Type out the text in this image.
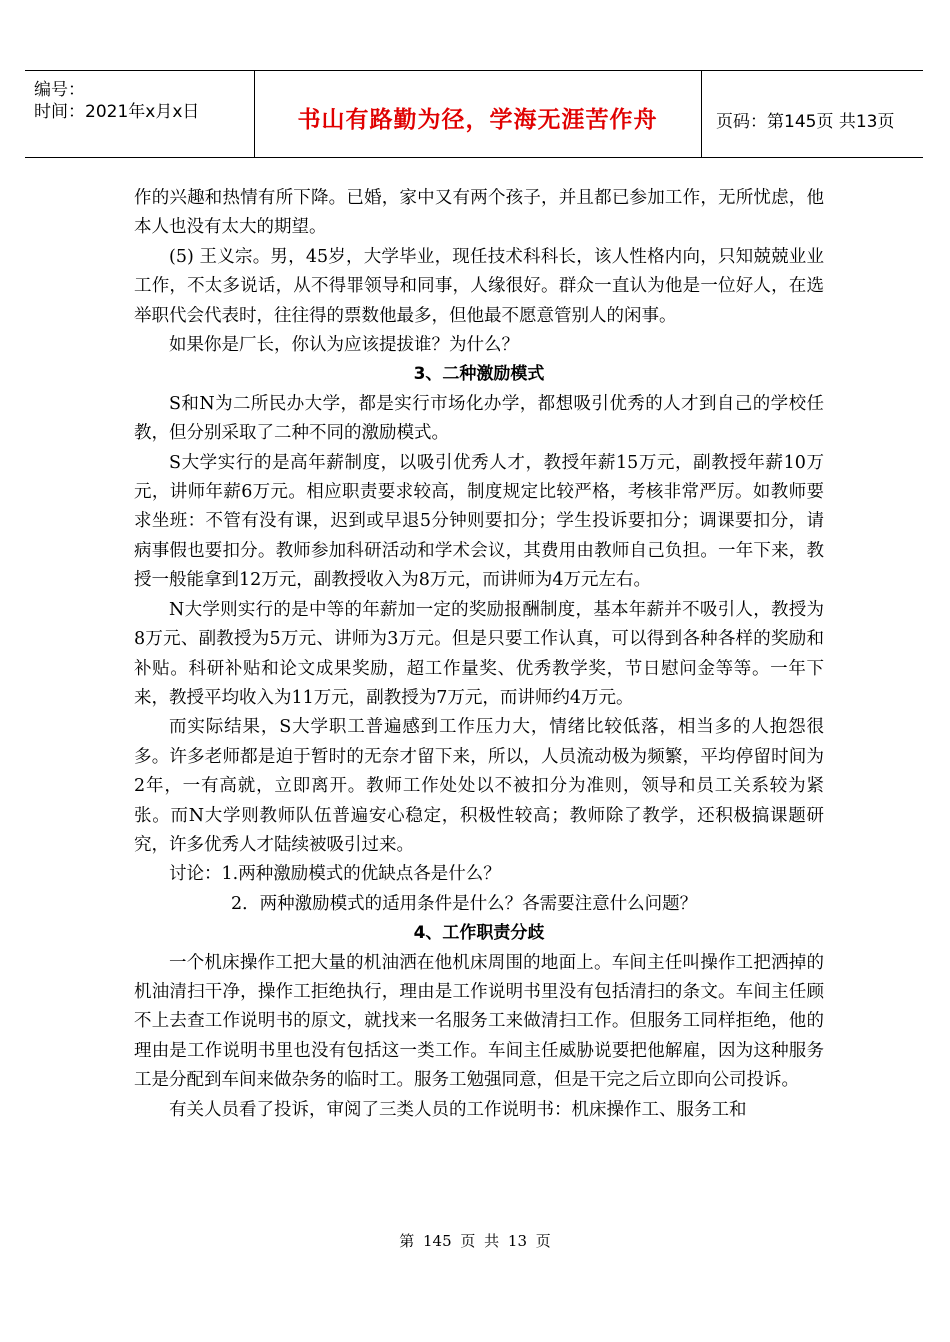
编号：
时间：2021年x月x日	书山有路勤为径，学海无涯苦作舟	页码：第145页 共13页

作的兴趣和热情有所下降。已婚，家中又有两个孩子，并且都已参加工作，无所忧虑，他本人也没有太大的期望。

(5) 王义宗。男，45岁，大学毕业，现任技术科科长，该人性格内向，只知兢兢业业工作，不太多说话，从不得罪领导和同事，人缘很好。群众一直认为他是一位好人，在选举职代会代表时，往往得的票数他最多，但他最不愿意管别人的闲事。

如果你是厂长，你认为应该提拔谁？为什么？

3、二种激励模式

S和N为二所民办大学，都是实行市场化办学，都想吸引优秀的人才到自己的学校任教，但分别采取了二种不同的激励模式。

S大学实行的是高年薪制度，以吸引优秀人才，教授年薪15万元，副教授年薪10万元，讲师年薪6万元。相应职责要求较高，制度规定比较严格，考核非常严厉。如教师要求坐班：不管有没有课，迟到或早退5分钟则要扣分；学生投诉要扣分；调课要扣分，请病事假也要扣分。教师参加科研活动和学术会议，其费用由教师自己负担。一年下来，教授一般能拿到12万元，副教授收入为8万元，而讲师为4万元左右。

N大学则实行的是中等的年薪加一定的奖励报酬制度，基本年薪并不吸引人，教授为8万元、副教授为5万元、讲师为3万元。但是只要工作认真，可以得到各种各样的奖励和补贴。科研补贴和论文成果奖励，超工作量奖、优秀教学奖，节日慰问金等等。一年下来，教授平均收入为11万元，副教授为7万元，而讲师约4万元。

而实际结果，S大学职工普遍感到工作压力大，情绪比较低落，相当多的人抱怨很多。许多老师都是迫于暂时的无奈才留下来，所以，人员流动极为频繁，平均停留时间为2年，一有高就，立即离开。教师工作处处以不被扣分为准则，领导和员工关系较为紧张。而N大学则教师队伍普遍安心稳定，积极性较高；教师除了教学，还积极搞课题研究，许多优秀人才陆续被吸引过来。

讨论：1.两种激励模式的优缺点各是什么？

2．两种激励模式的适用条件是什么？各需要注意什么问题？

4、工作职责分歧

一个机床操作工把大量的机油洒在他机床周围的地面上。车间主任叫操作工把洒掉的机油清扫干净，操作工拒绝执行，理由是工作说明书里没有包括清扫的条文。车间主任顾不上去查工作说明书的原文，就找来一名服务工来做清扫工作。但服务工同样拒绝，他的理由是工作说明书里也没有包括这一类工作。车间主任威胁说要把他解雇，因为这种服务工是分配到车间来做杂务的临时工。服务工勉强同意，但是干完之后立即向公司投诉。

有关人员看了投诉，审阅了三类人员的工作说明书：机床操作工、服务工和

第 145 页 共 13 页
